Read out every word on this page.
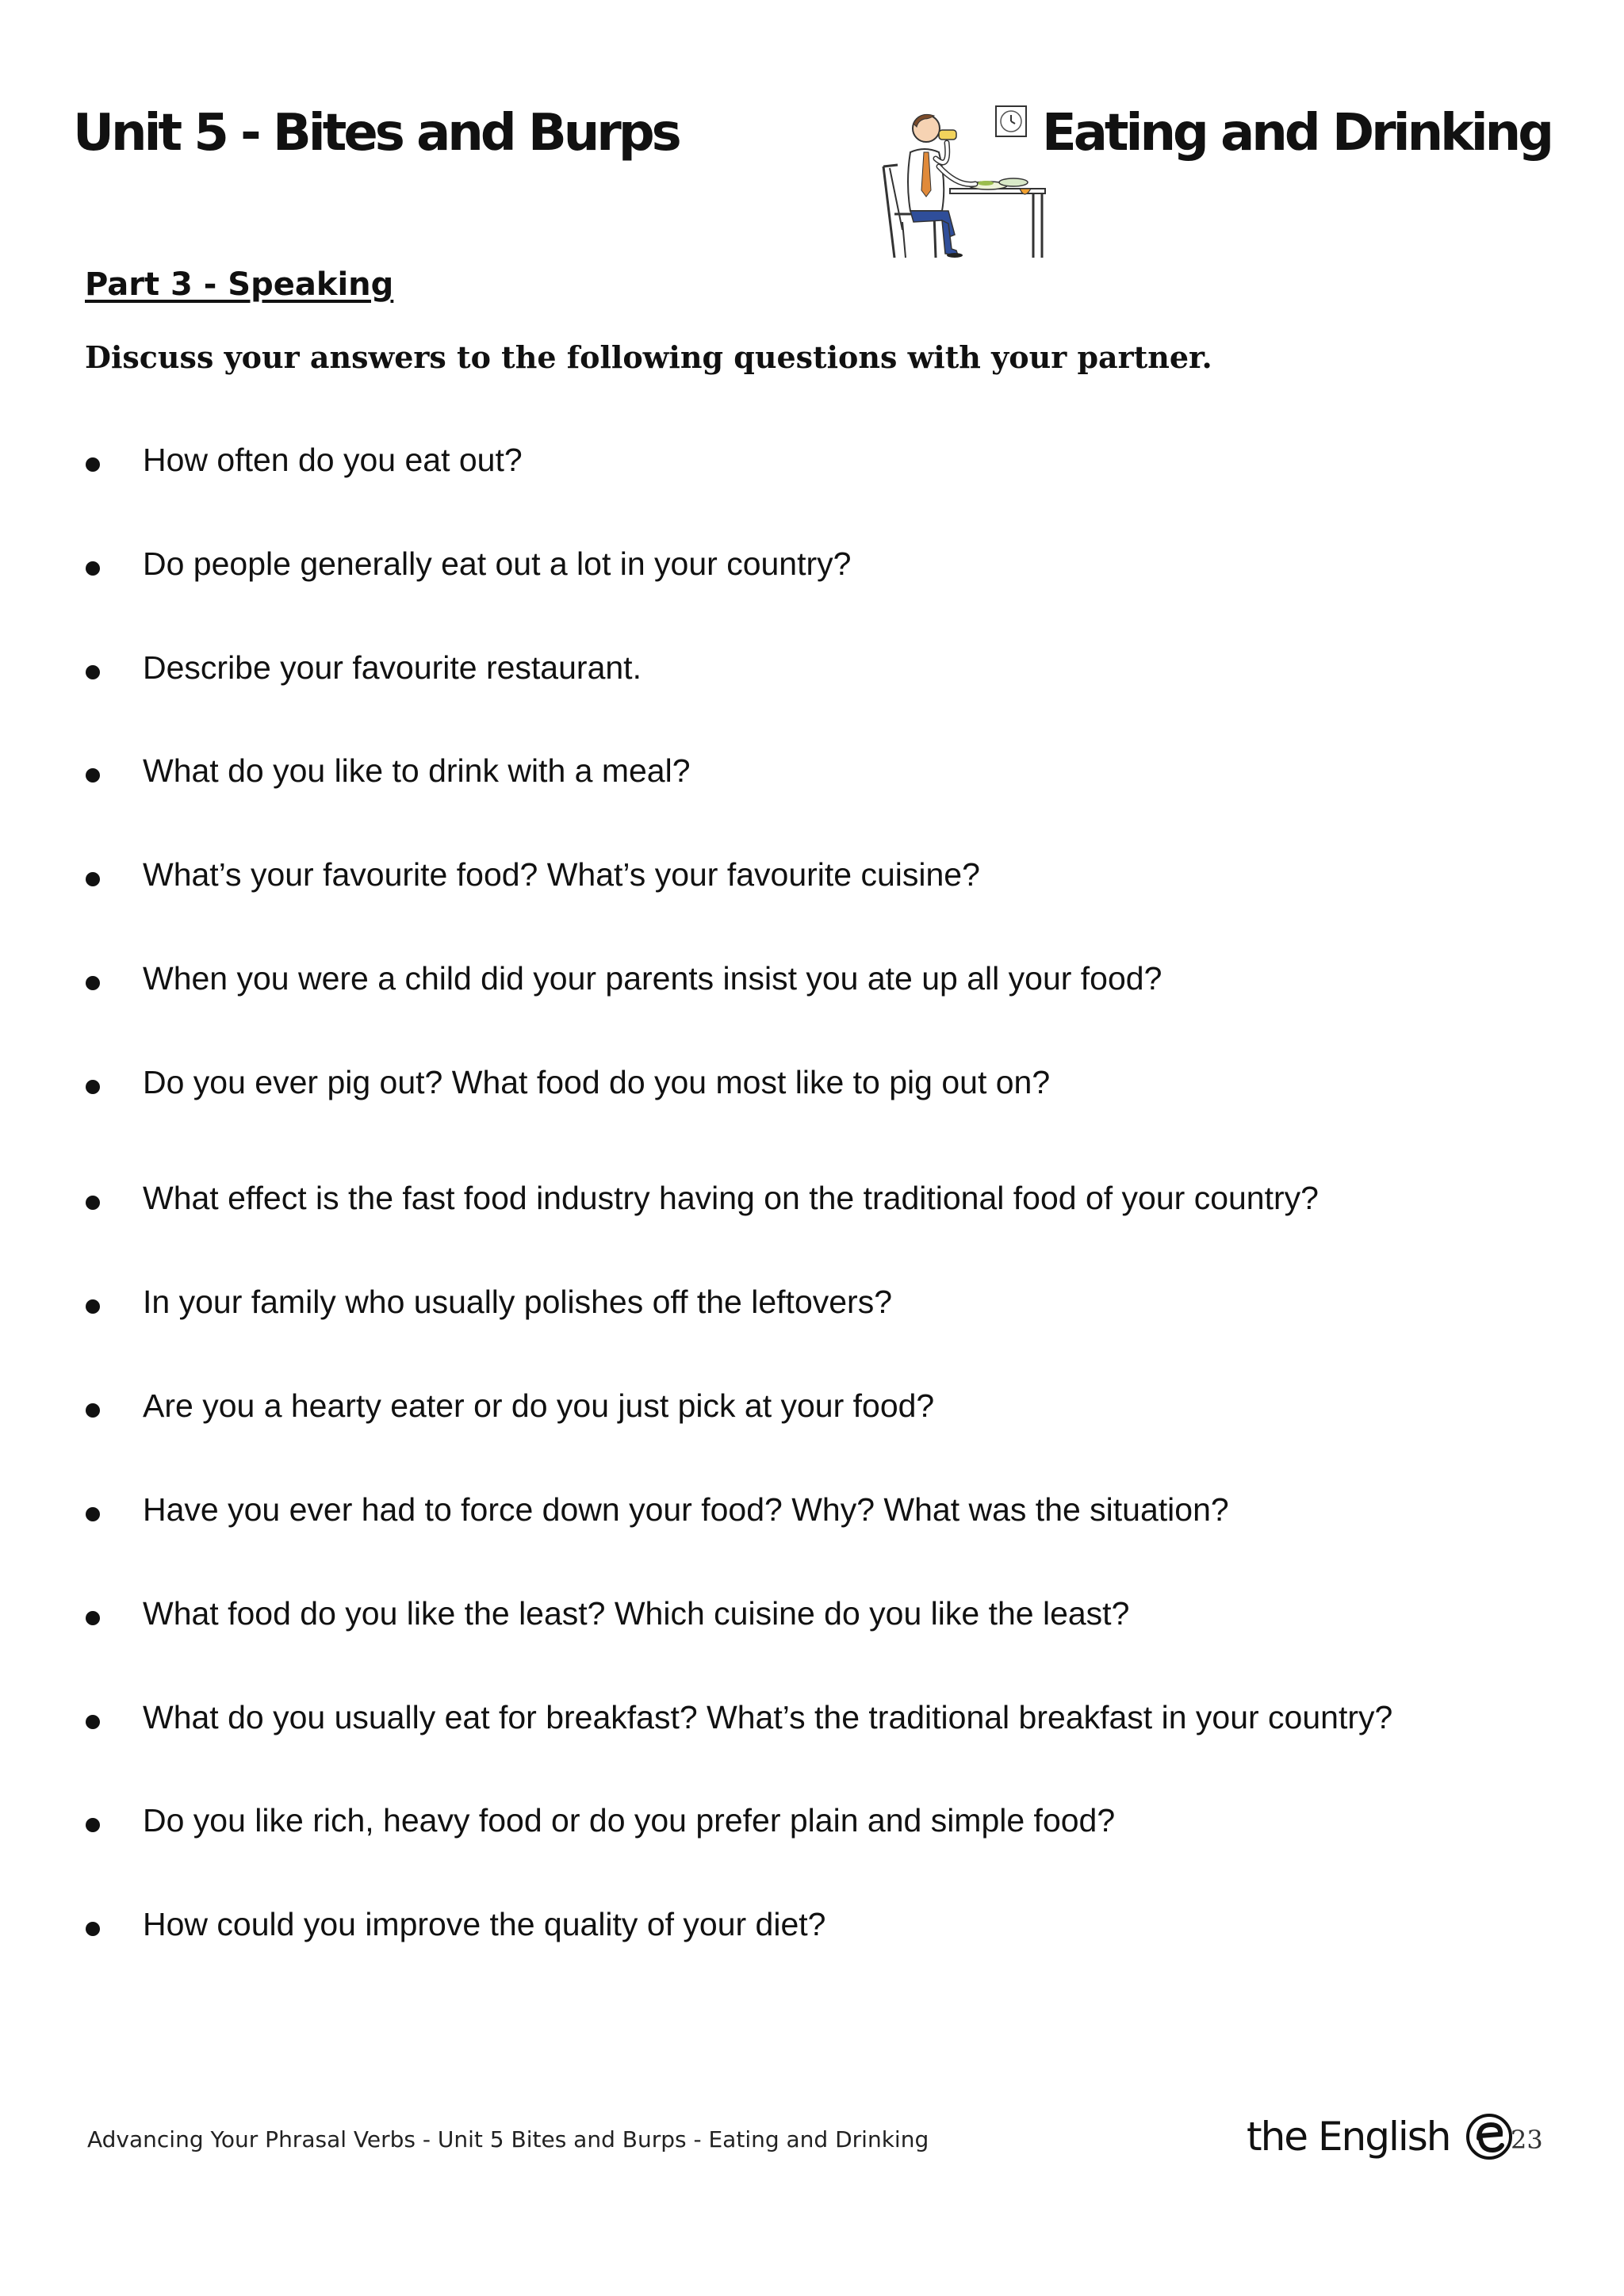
Unit 5 - Bites and Burps	Eating and Drinking
Part 3 - Speaking
Discuss your answers to the following questions with your partner.
How often do you eat out?
Do people generally eat out a lot in your country?
Describe your favourite restaurant.
What do you like to drink with a meal?
What’s your favourite food? What’s your favourite cuisine?
When you were a child did your parents insist you ate up all your food?
Do you ever pig out? What food do you most like to pig out on?
What effect is the fast food industry having on the traditional food of your country?
In your family who usually polishes off the leftovers?
Are you a hearty eater or do you just pick at your food?
Have you ever had to force down your food? Why? What was the situation?
What food do you like the least? Which cuisine do you like the least?
What do you usually eat for breakfast? What’s the traditional breakfast in your country?
Do you like rich, heavy food or do you prefer plain and simple food?
How could you improve the quality of your diet?
Advancing Your Phrasal Verbs - Unit 5 Bites and Burps - Eating and Drinking	the English 23
